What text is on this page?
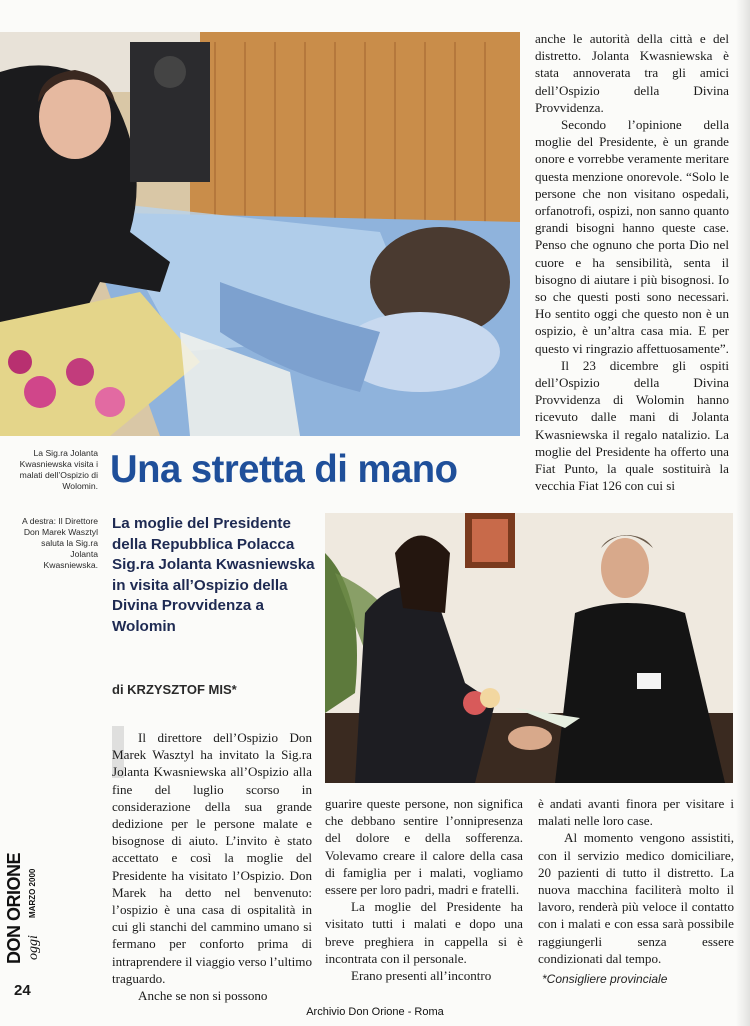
anche le autorità della città e del distretto. Jolanta Kwasniewska è stata annoverata tra gli amici dell’Ospizio della Divina Provvidenza.

Secondo l’opinione della moglie del Presidente, è un grande onore e vorrebbe veramente meritare questa menzione onorevole. “Solo le persone che non visitano ospedali, orfanotrofi, ospizi, non sanno quanto grandi bisogni hanno queste case. Penso che ognuno che porta Dio nel cuore e ha sensibilità, senta il bisogno di aiutare i più bisognosi. Io so che questi posti sono necessari. Ho sentito oggi che questo non è un ospizio, è un’altra casa mia. E per questo vi ringrazio affettuosamente”.

Il 23 dicembre gli ospiti dell’Ospizio della Divina Provvidenza di Wolomin hanno ricevuto dalle mani di Jolanta Kwasniewska il regalo natalizio. La moglie del Presidente ha offerto una Fiat Punto, la quale sostituirà la vecchia Fiat 126 con cui si

La Sig.ra Jolanta Kwasniewska visita i malati dell’Ospizio di Wolomin.
A destra: Il Direttore Don Marek Wasztyl saluta la Sig.ra Jolanta Kwasniewska.
Una stretta di mano
La moglie del Presidente della Repubblica Polacca Sig.ra Jolanta Kwasniewska in visita all’Ospizio della Divina Provvidenza a Wolomin
di KRZYSZTOF MIS*

Il direttore dell’Ospizio Don Marek Wasztyl ha invitato la Sig.ra Jolanta Kwasniewska all’Ospizio alla fine del luglio scorso in considerazione della sua grande dedizione per le persone malate e bisognose di aiuto. L’invito è stato accettato e così la moglie del Presidente ha visitato l’Ospizio. Don Marek ha detto nel benvenuto: l’ospizio è una casa di ospitalità in cui gli stanchi del cammino umano si fermano per conforto prima di intraprendere il viaggio verso l’ultimo traguardo.

Anche se non si possono

guarire queste persone, non significa che debbano sentire l’onnipresenza del dolore e della sofferenza. Volevamo creare il calore della casa di famiglia per i malati, vogliamo essere per loro padri, madri e fratelli.

La moglie del Presidente ha visitato tutti i malati e dopo una breve preghiera in cappella si è incontrata con il personale.

Erano presenti all’incontro

è andati avanti finora per visitare i malati nelle loro case.

Al momento vengono assistiti, con il servizio medico domiciliare, 20 pazienti di tutto il distretto. La nuova macchina faciliterà molto il lavoro, renderà più veloce il contatto con i malati e con essa sarà possibile raggiungerli senza essere condizionati dal tempo.

*Consigliere provinciale
DON ORIONE MARZO 2000
oggi
24
Archivio Don Orione - Roma
